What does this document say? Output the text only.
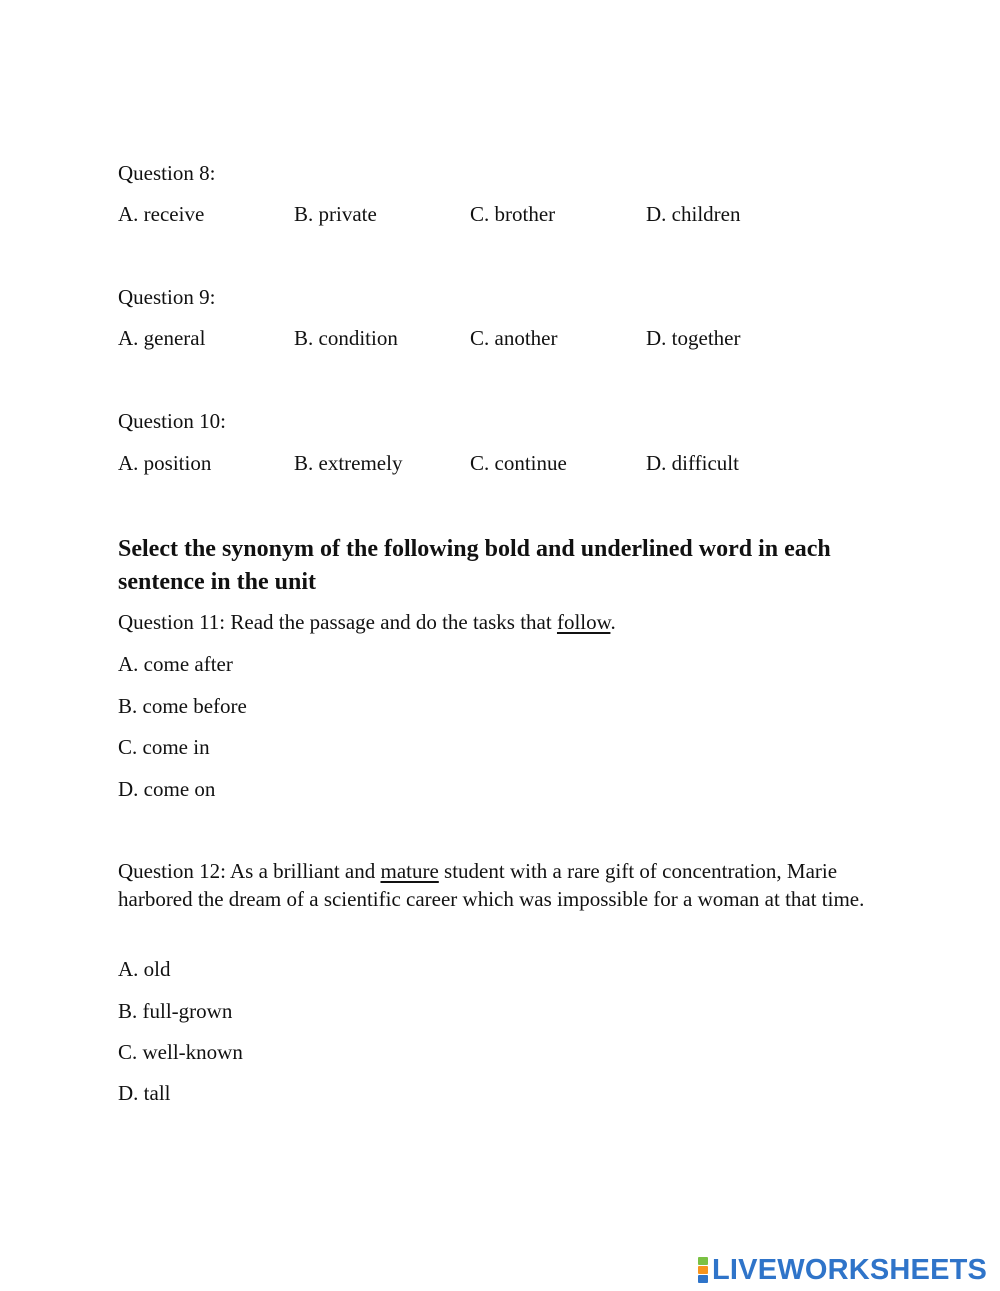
Question 8:
A. receive	B. private	C. brother	D. children
Question 9:
A. general	B. condition	C. another	D. together
Question 10:
A. position	B. extremely	C. continue	D. difficult
Select the synonym of the following bold and underlined word in each sentence in the unit
Question 11: Read the passage and do the tasks that follow.
A. come after
B. come before
C. come in
D. come on
Question 12: As a brilliant and mature student with a rare gift of concentration, Marie harbored the dream of a scientific career which was impossible for a woman at that time.
A. old
B. full-grown
C. well-known
D. tall
LIVEWORKSHEETS
